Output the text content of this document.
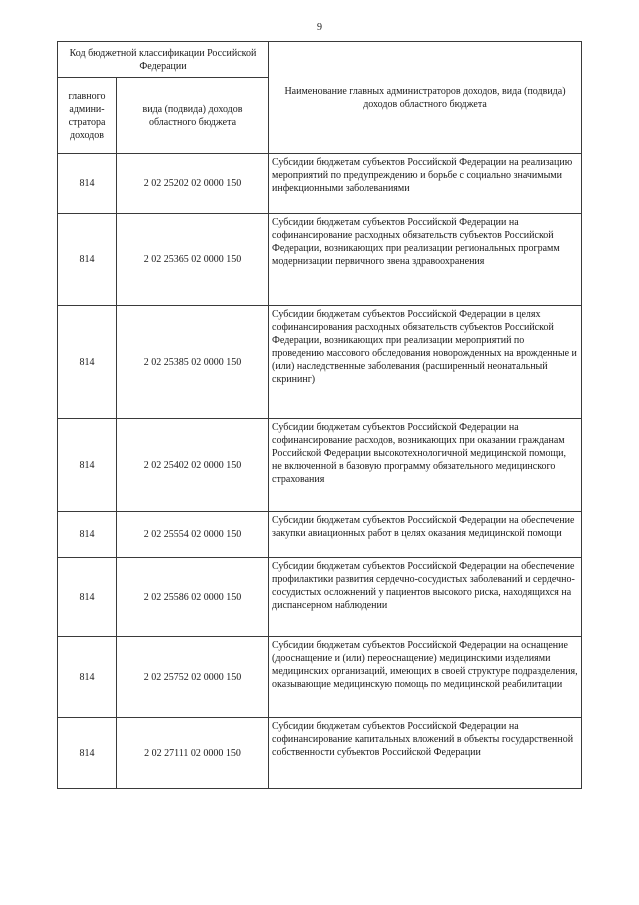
9
Код бюджетной классификации Российской Федерации		Наименование главных администраторов доходов, вида (подвида) доходов областного бюджета
главного админи-стратора доходов	вида (подвида) доходов областного бюджета	
814	2 02 25202 02 0000 150	Субсидии бюджетам субъектов Российской Федерации на реализацию мероприятий по предупреждению и борьбе с социально значимыми инфекционными заболеваниями
814	2 02 25365 02 0000 150	Субсидии бюджетам субъектов Российской Федерации на софинансирование расходных обязательств субъектов Российской Федерации, возникающих при реализации региональных программ модернизации первичного звена здравоохранения
814	2 02 25385 02 0000 150	Субсидии бюджетам субъектов Российской Федерации в целях софинансирования расходных обязательств субъектов Российской Федерации, возникающих при реализации мероприятий по проведению массового обследования новорожденных на врожденные и (или) наследственные заболевания (расширенный неонатальный скрининг)
814	2 02 25402 02 0000 150	Субсидии бюджетам субъектов Российской Федерации на софинансирование расходов, возникающих при оказании гражданам Российской Федерации высокотехнологичной медицинской помощи, не включенной в базовую программу обязательного медицинского страхования
814	2 02 25554 02 0000 150	Субсидии бюджетам субъектов Российской Федерации на обеспечение закупки авиационных работ в целях оказания медицинской помощи
814	2 02 25586 02 0000 150	Субсидии бюджетам субъектов Российской Федерации на обеспечение профилактики развития сердечно-сосудистых заболеваний и сердечно-сосудистых осложнений у пациентов высокого риска, находящихся на диспансерном наблюдении
814	2 02 25752 02 0000 150	Субсидии бюджетам субъектов Российской Федерации на оснащение (дооснащение и (или) переоснащение) медицинскими изделиями медицинских организаций, имеющих в своей структуре подразделения, оказывающие медицинскую помощь по медицинской реабилитации
814	2 02 27111 02 0000 150	Субсидии бюджетам субъектов Российской Федерации на софинансирование капитальных вложений в объекты государственной собственности субъектов Российской Федерации
